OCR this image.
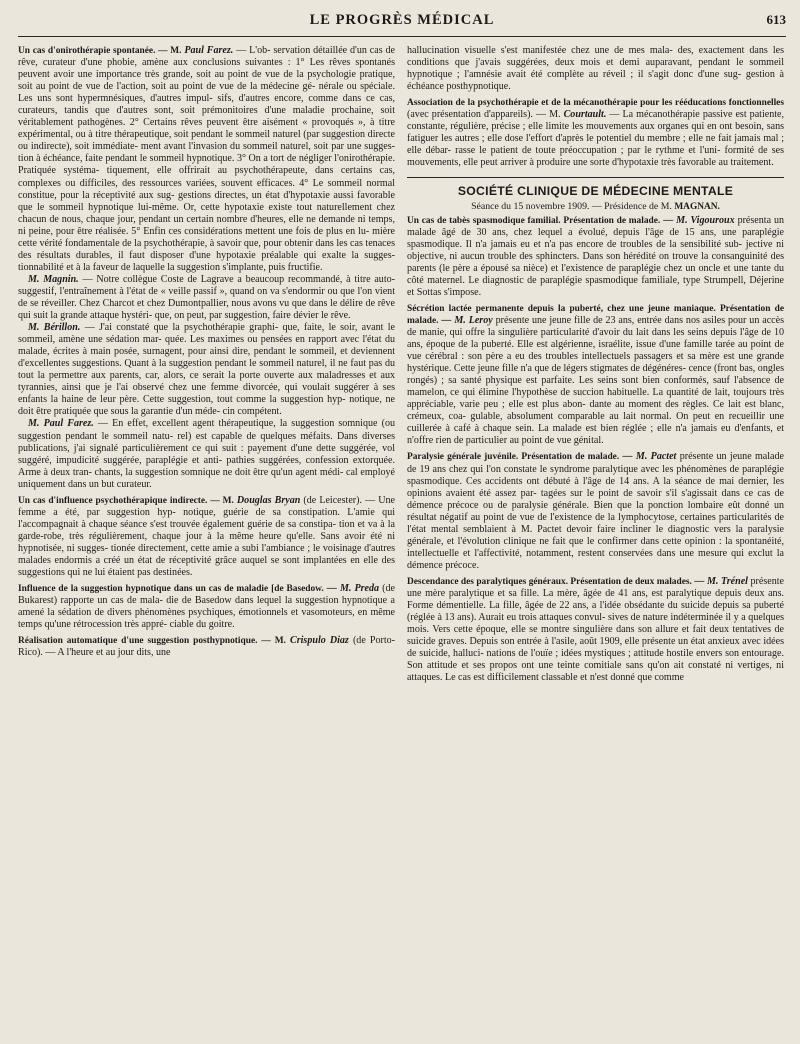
LE PROGRÈS MÉDICAL	613

Un cas d'onirothérapie spontanée. — M. Paul Farez. — L'ob- servation détaillée d'un cas de rêve, curateur d'une phobie, amène aux conclusions suivantes : 1° Les rêves spontanés peuvent avoir une importance très grande, soit au point de vue de la psychologie pratique, soit au point de vue de l'action, soit au point de vue de la médecine gé- nérale ou spéciale. Les uns sont hypermnésiques, d'autres impul- sifs, d'autres encore, comme dans ce cas, curateurs, tandis que d'autres sont, soit prémonitoires d'une maladie prochaine, soit véritablement pathogènes. 2° Certains rêves peuvent être aisément « provoqués », à titre expérimental, ou à titre thérapeutique, soit pendant le sommeil naturel (par suggestion directe ou indirecte), soit immédiate- ment avant l'invasion du sommeil naturel, soit par une sugges- tion à échéance, faite pendant le sommeil hypnotique. 3° On a tort de négliger l'onirothérapie. Pratiquée systéma- tiquement, elle offrirait au psychothérapeute, dans certains cas, complexes ou difficiles, des ressources variées, souvent efficaces. 4° Le sommeil normal constitue, pour la réceptivité aux sug- gestions directes, un état d'hypotaxie aussi favorable que le sommeil hypnotique lui-même. Or, cette hypotaxie existe tout naturellement chez chacun de nous, chaque jour, pendant un certain nombre d'heures, elle ne demande ni temps, ni peine, pour être réalisée. 5° Enfin ces considérations mettent une fois de plus en lu- mière cette vérité fondamentale de la psychothérapie, à savoir que, pour obtenir dans les cas tenaces des résultats durables, il faut disposer d'une hypotaxie préalable qui exalte la sugges- tionnabilité et à la faveur de laquelle la suggestion s'implante, puis fructifie.

M. Magnin. — Notre collègue Coste de Lagrave a beaucoup recommandé, à titre auto-suggestif, l'entraînement à l'état de « veille passif », quand on va s'endormir ou que l'on vient de se réveiller. Chez Charcot et chez Dumontpallier, nous avons vu que dans le délire de rêve qui suit la grande attaque hystéri- que, on peut, par suggestion, faire dévier le rêve.

M. Bérillon. — J'ai constaté que la psychothérapie graphi- que, faite, le soir, avant le sommeil, amène une sédation mar- quée. Les maximes ou pensées en rapport avec l'état du malade, écrites à main posée, surnagent, pour ainsi dire, pendant le sommeil, et deviennent d'excellentes suggestions. Quant à la suggestion pendant le sommeil naturel, il ne faut pas du tout la permettre aux parents, car, alors, ce serait la porte ouverte aux maladresses et aux tyrannies, ainsi que je l'ai observé chez une femme divorcée, qui voulait suggérer à ses enfants la haine de leur père. Cette suggestion, tout comme la suggestion hyp- notique, ne doit être pratiquée que sous la garantie d'un méde- cin compétent.

M. Paul Farez. — En effet, excellent agent thérapeutique, la suggestion somnique (ou suggestion pendant le sommeil natu- rel) est capable de quelques méfaits. Dans diverses publications, j'ai signalé particulièrement ce qui suit : payement d'une dette suggérée, vol suggéré, impudicité suggérée, paraplégie et anti- pathies suggérées, confession extorquée. Arme à deux tran- chants, la suggestion somnique ne doit être qu'un agent médi- cal employé uniquement dans un but curateur.

Un cas d'influence psychothérapique indirecte. — M. Douglas Bryan (de Leicester). — Une femme a été, par suggestion hyp- notique, guérie de sa constipation. L'amie qui l'accompagnait à chaque séance s'est trouvée également guérie de sa constipa- tion et va à la garde-robe, très régulièrement, chaque jour à la même heure qu'elle. Sans avoir été ni hypnotisée, ni sugges- tionée directement, cette amie a subi l'ambiance ; le voisinage d'autres malades endormis a créé un état de réceptivité grâce auquel se sont implantées en elle des suggestions qui ne lui étaient pas destinées.

Influence de la suggestion hypnotique dans un cas de maladie [de Basedow. — M. Preda (de Bukarest) rapporte un cas de mala- die de Basedow dans lequel la suggestion hypnotique a amené la sédation de divers phénomènes psychiques, émotionnels et vasomoteurs, en même temps qu'une rétrocession très appré- ciable du goitre.

Réalisation automatique d'une suggestion posthypnotique. — M. Crispulo Diaz (de Porto-Rico). — A l'heure et au jour dits, une

hallucination visuelle s'est manifestée chez une de mes mala- des, exactement dans les conditions que j'avais suggérées, deux mois et demi auparavant, pendant le sommeil hypnotique ; l'amnésie avait été complète au réveil ; il s'agit donc d'une sug- gestion à échéance posthypnotique.

Association de la psychothérapie et de la mécanothérapie pour les rééducations fonctionnelles (avec présentation d'appareils). — M. Courtault. — La mécanothérapie passive est patiente, constante, régulière, précise ; elle limite les mouvements aux organes qui en ont besoin, sans fatiguer les autres ; elle dose l'effort d'après le potentiel du membre ; elle ne fait jamais mal ; elle débar- rasse le patient de toute préoccupation ; par le rythme et l'uni- formité de ses mouvements, elle peut arriver à produire une sorte d'hypotaxie très favorable au traitement.

SOCIÉTÉ CLINIQUE DE MÉDECINE MENTALE
Séance du 15 novembre 1909. — Présidence de M. MAGNAN.

Un cas de tabès spasmodique familial. Présentation de malade. — M. Vigouroux présenta un malade âgé de 30 ans, chez lequel a évolué, depuis l'âge de 15 ans, une paraplégie spasmodique. Il n'a jamais eu et n'a pas encore de troubles de la sensibilité sub- jective ni objective, ni aucun trouble des sphincters. Dans son hérédité on trouve la consanguinité des parents (le père a épousé sa nièce) et l'existence de paraplégie chez un oncle et une tante du côté maternel. Le diagnostic de paraplégie spasmodique familiale, type Strumpell, Déjerine et Sottas s'impose.

Sécrétion lactée permanente depuis la puberté, chez une jeune maniaque. Présentation de malade. — M. Leroy présente une jeune fille de 23 ans, entrée dans nos asiles pour un accès de manie, qui offre la singulière particularité d'avoir du lait dans les seins depuis l'âge de 10 ans, époque de la puberté. Elle est algérienne, israélite, issue d'une famille tarée au point de vue cérébral : son père a eu des troubles intellectuels passagers et sa mère est une grande hystérique. Cette jeune fille n'a que de légers stigmates de dégénéres- cence (front bas, ongles rongés) ; sa santé physique est parfaite. Les seins sont bien conformés, sauf l'absence de mamelon, ce qui élimine l'hypothèse de succion habituelle. La quantité de lait, toujours très appréciable, varie peu ; elle est plus abon- dante au moment des règles. Ce lait est blanc, crémeux, coa- gulable, absolument comparable au lait normal. On peut en recueillir une cuillerée à café à chaque sein. La malade est bien réglée ; elle n'a jamais eu d'enfants, et n'offre rien de particulier au point de vue génital.

Paralysie générale juvénile. Présentation de malade. — M. Pactet présente un jeune malade de 19 ans chez qui l'on constate le syndrome paralytique avec les phénomènes de paraplégie spasmodique. Ces accidents ont débuté à l'âge de 14 ans. A la séance de mai dernier, les opinions avaient été assez par- tagées sur le point de savoir s'il s'agissait dans ce cas de démence précoce ou de paralysie générale. Bien que la ponction lombaire eût donné un résultat négatif au point de vue de l'existence de la lymphocytose, certaines particularités de l'état mental semblaient à M. Pactet devoir faire incliner le diagnostic vers la paralysie générale, et l'évolution clinique ne fait que le confirmer dans cette opinion : la spontanéité, intellectuelle et l'affectivité, notamment, restent conservées dans une mesure qui exclut la démence précoce.

Descendance des paralytiques généraux. Présentation de deux malades. — M. Trénel présente une mère paralytique et sa fille. La mère, âgée de 41 ans, est paralytique depuis deux ans. Forme démentielle. La fille, âgée de 22 ans, a l'idée obsédante du suicide depuis sa puberté (réglée à 13 ans). Aurait eu trois attaques convul- sives de nature indéterminée il y a quelques mois. Vers cette époque, elle se montre singulière dans son allure et fait deux tentatives de suicide graves. Depuis son entrée à l'asile, août 1909, elle présente un état anxieux avec idées de suicide, halluci- nations de l'ouïe ; idées mystiques ; attitude hostile envers son entourage. Son attitude et ses propos ont une teinte comitiale sans qu'on ait constaté ni vertiges, ni attaques. Le cas est difficilement classable et n'est donné que comme
